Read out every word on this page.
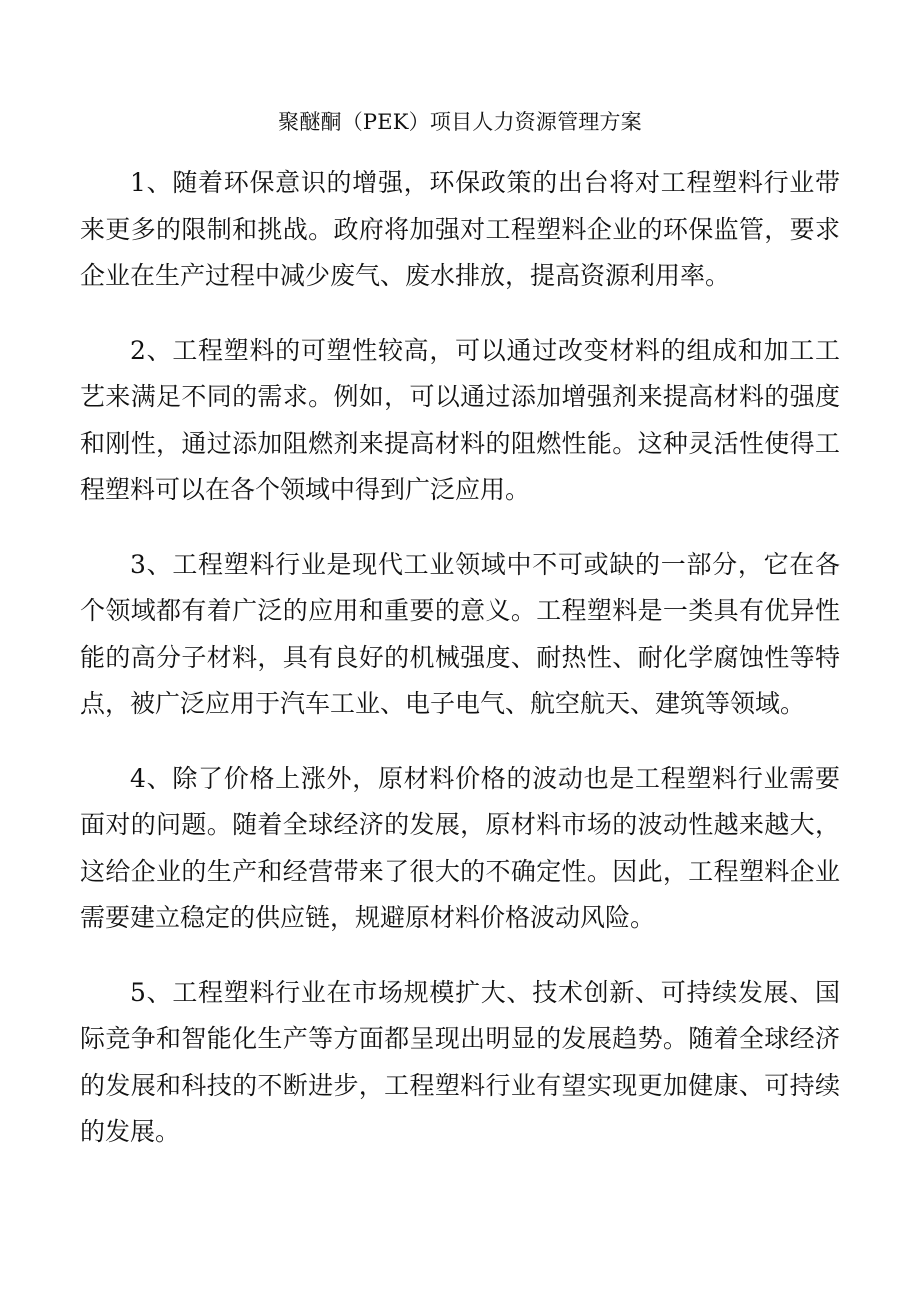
聚醚酮（PEK）项目人力资源管理方案

1、随着环保意识的增强，环保政策的出台将对工程塑料行业带来更多的限制和挑战。政府将加强对工程塑料企业的环保监管，要求企业在生产过程中减少废气、废水排放，提高资源利用率。

2、工程塑料的可塑性较高，可以通过改变材料的组成和加工工艺来满足不同的需求。例如，可以通过添加增强剂来提高材料的强度和刚性，通过添加阻燃剂来提高材料的阻燃性能。这种灵活性使得工程塑料可以在各个领域中得到广泛应用。

3、工程塑料行业是现代工业领域中不可或缺的一部分，它在各个领域都有着广泛的应用和重要的意义。工程塑料是一类具有优异性能的高分子材料，具有良好的机械强度、耐热性、耐化学腐蚀性等特点，被广泛应用于汽车工业、电子电气、航空航天、建筑等领域。

4、除了价格上涨外，原材料价格的波动也是工程塑料行业需要面对的问题。随着全球经济的发展，原材料市场的波动性越来越大，这给企业的生产和经营带来了很大的不确定性。因此，工程塑料企业需要建立稳定的供应链，规避原材料价格波动风险。

5、工程塑料行业在市场规模扩大、技术创新、可持续发展、国际竞争和智能化生产等方面都呈现出明显的发展趋势。随着全球经济的发展和科技的不断进步，工程塑料行业有望实现更加健康、可持续的发展。
